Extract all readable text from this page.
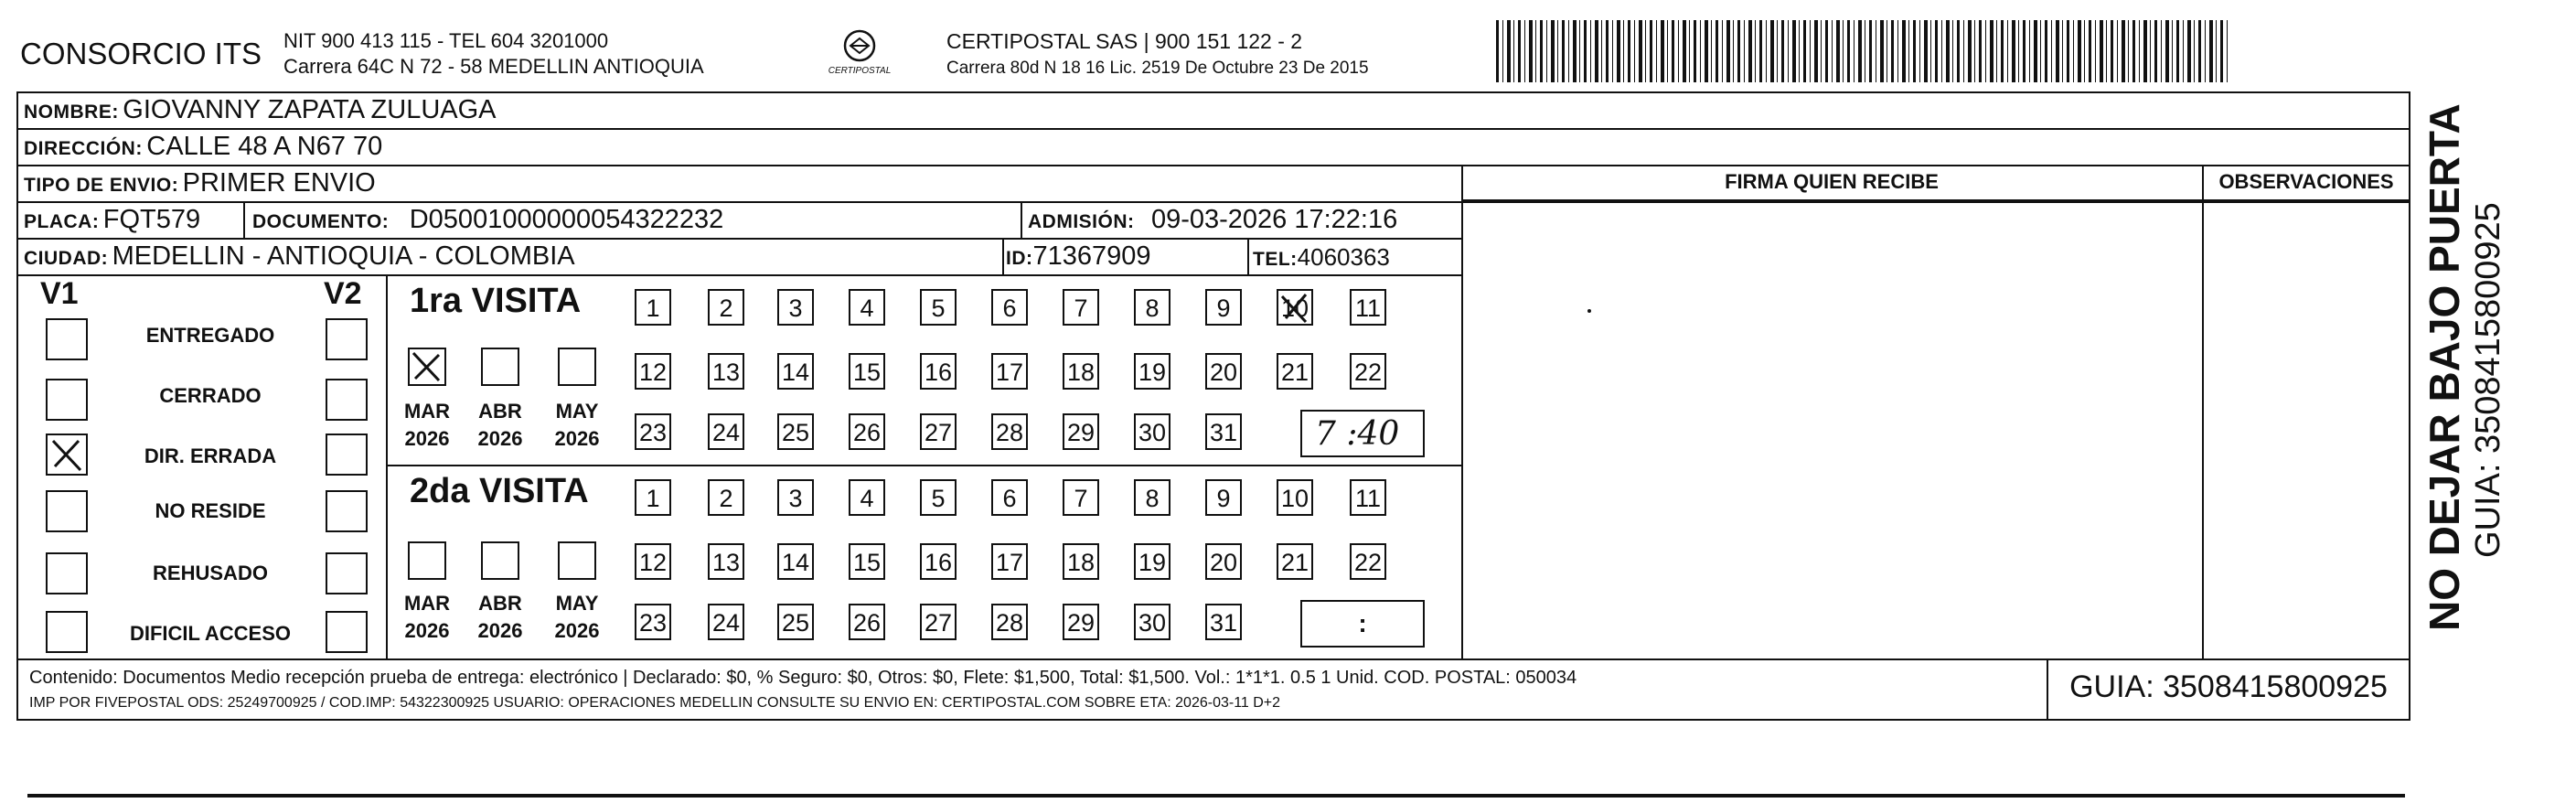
CONSORCIO ITS NIT 900 413 115 - TEL 604 3201000
Carrera 64C N 72 - 58 MEDELLIN ANTIOQUIA	CERTIPOSTAL
CERTIPOSTAL SAS | 900 151 122 - 2
Carrera 80d N 18 16 Lic. 2519 De Octubre 23 De 2015
NOMBRE: GIOVANNY ZAPATA ZULUAGA
DIRECCIÓN: CALLE 48 A N67 70
TIPO DE ENVIO: PRIMER ENVIO	FIRMA QUIEN RECIBE	OBSERVACIONES
PLACA: FQT579	DOCUMENTO: D05001000000054322232	ADMISIÓN: 09-03-2026 17:22:16
CIUDAD: MEDELLIN - ANTIOQUIA - COLOMBIA	ID:71367909	TEL:4060363
V1	V2
ENTREGADO
CERRADO
DIR. ERRADA
NO RESIDE
REHUSADO
DIFICIL ACCESO
1ra VISITA
MAR	ABR	MAY
2026	2026	2026
2da VISITA
MAR	ABR	MAY
2026	2026	2026
1	2	3	4	5	6	7	8	9	10 11
12 13 14 15 16 17 18 19 20 21 22
23 24 25 26 27 28 29 30 31
1	2	3	4	5	6	7	8	9	10 11
12 13 14 15 16 17 18 19 20 21 22
23 24 25 26 27 28 29 30 31
7 :40
:
Contenido: Documentos Medio recepción prueba de entrega: electrónico | Declarado: $0, % Seguro: $0, Otros: $0, Flete: $1,500, Total: $1,500. Vol.: 1*1*1. 0.5 1 Unid. COD. POSTAL: 050034
IMP POR FIVEPOSTAL ODS: 25249700925 / COD.IMP: 54322300925 USUARIO: OPERACIONES MEDELLIN CONSULTE SU ENVIO EN: CERTIPOSTAL.COM SOBRE ETA: 2026-03-11 D+2	GUIA: 3508415800925
NO DEJAR BAJO PUERTA GUIA: 3508415800925
